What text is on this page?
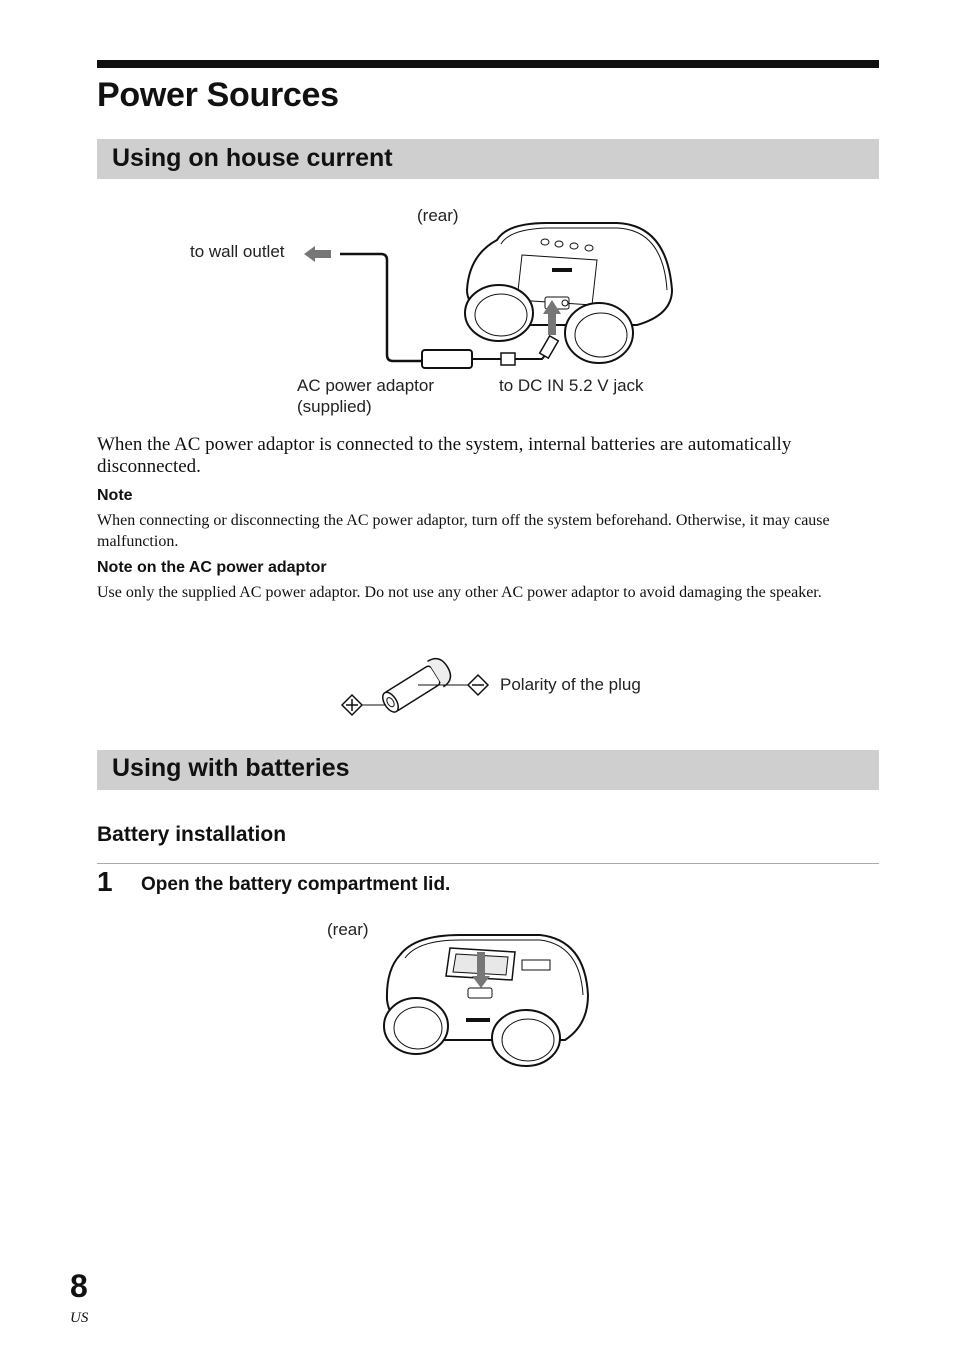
Power Sources
Using on house current
(rear)
to wall outlet
AC power adaptor
(supplied)
to DC IN 5.2 V jack

When the AC power adaptor is connected to the system, internal batteries are automatically disconnected.

Note

When connecting or disconnecting the AC power adaptor, turn off the system beforehand. Otherwise, it may cause malfunction.

Note on the AC power adaptor

Use only the supplied AC power adaptor. Do not use any other AC power adaptor to avoid damaging the speaker.

Polarity of the plug
Using with batteries
Battery installation
1 Open the battery compartment lid.
(rear)
8
US
